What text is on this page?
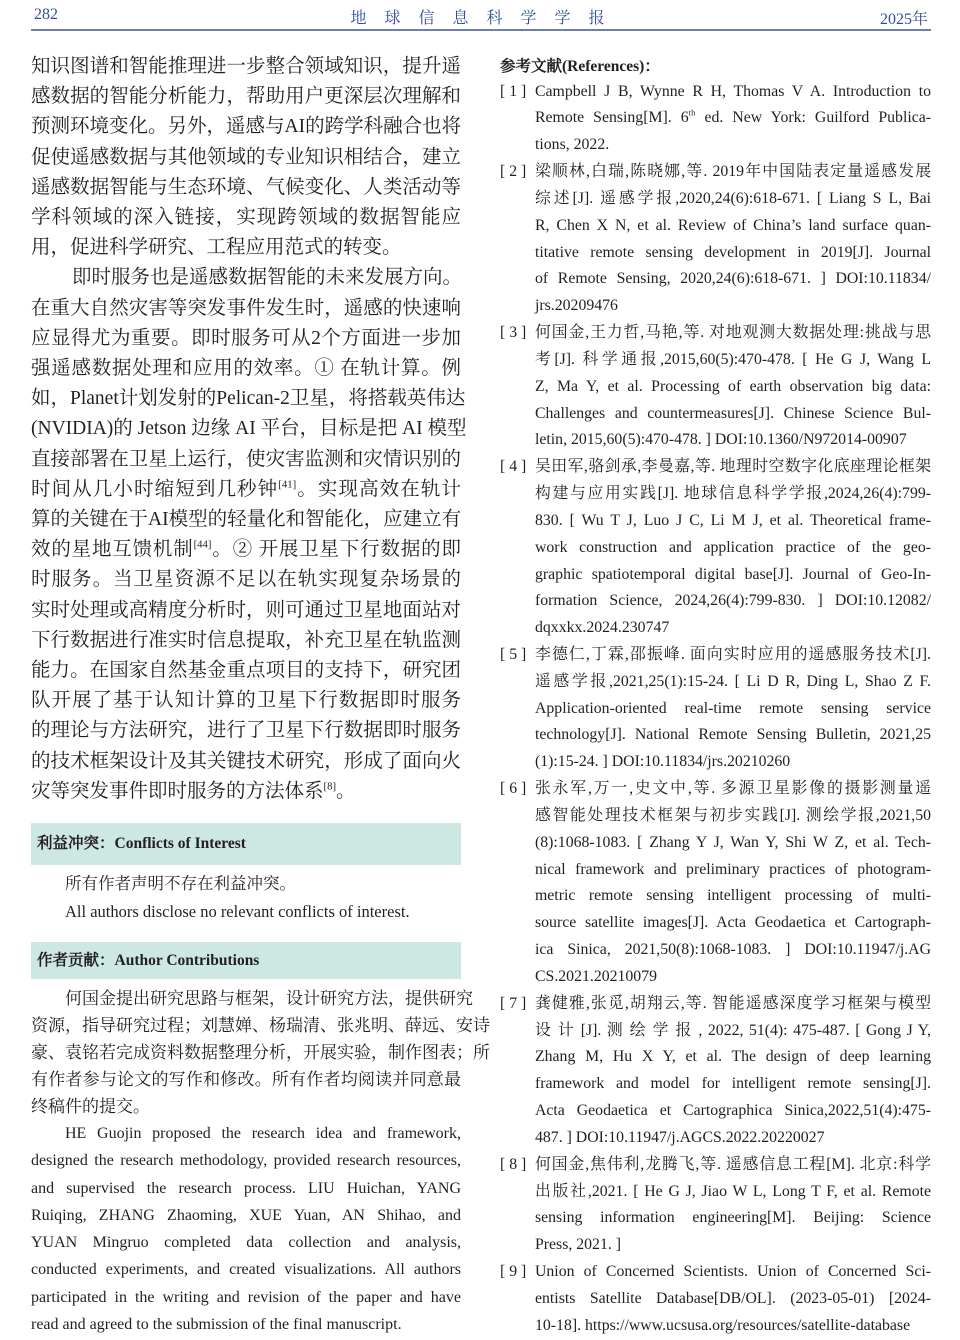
282	地 球 信 息 科 学 学 报	2025年
知识图谱和智能推理进一步整合领域知识，提升遥
感数据的智能分析能力，帮助用户更深层次理解和
预测环境变化。另外，遥感与AI的跨学科融合也将
促使遥感数据与其他领域的专业知识相结合，建立
遥感数据智能与生态环境、气候变化、人类活动等
学科领域的深入链接，实现跨领域的数据智能应
用，促进科学研究、工程应用范式的转变。
即时服务也是遥感数据智能的未来发展方向。
在重大自然灾害等突发事件发生时，遥感的快速响
应显得尤为重要。即时服务可从2个方面进一步加
强遥感数据处理和应用的效率。① 在轨计算。例
如，Planet计划发射的Pelican-2卫星，将搭载英伟达
(NVIDIA)的 Jetson 边缘 AI 平台，目标是把 AI 模型
直接部署在卫星上运行，使灾害监测和灾情识别的
时间从几小时缩短到几秒钟[41]。实现高效在轨计
算的关键在于AI模型的轻量化和智能化，应建立有
效的星地互馈机制[44]。② 开展卫星下行数据的即
时服务。当卫星资源不足以在轨实现复杂场景的
实时处理或高精度分析时，则可通过卫星地面站对
下行数据进行准实时信息提取，补充卫星在轨监测
能力。在国家自然基金重点项目的支持下，研究团
队开展了基于认知计算的卫星下行数据即时服务
的理论与方法研究，进行了卫星下行数据即时服务
的技术框架设计及其关键技术研究，形成了面向火
灾等突发事件即时服务的方法体系[8]。
利益冲突：Conflicts of Interest
所有作者声明不存在利益冲突。
All authors disclose no relevant conflicts of interest.
作者贡献：Author Contributions
何国金提出研究思路与框架，设计研究方法，提供研究
资源，指导研究过程；刘慧婵、杨瑞清、张兆明、薛远、安诗
豪、袁铭若完成资料数据整理分析，开展实验，制作图表；所
有作者参与论文的写作和修改。所有作者均阅读并同意最
终稿件的提交。
HE Guojin proposed the research idea and framework,
designed the research methodology, provided research resources,
and supervised the research process. LIU Huichan, YANG
Ruiqing, ZHANG Zhaoming, XUE Yuan, AN Shihao, and
YUAN Mingruo completed data collection and analysis,
conducted experiments, and created visualizations. All authors
participated in the writing and revision of the paper and have
read and agreed to the submission of the final manuscript.
参考文献(References)：
[ 1 ] Campbell J B, Wynne R H, Thomas V A. Introduction to
Remote Sensing[M]. 6th ed. New York: Guilford Publica-
tions, 2022.
[ 2 ] 梁顺林,白瑞,陈晓娜,等. 2019年中国陆表定量遥感发展
综述[J]. 遥感学报,2020,24(6):618-671. [ Liang S L, Bai
R, Chen X N, et al. Review of China’s land surface quan-
titative remote sensing development in 2019[J]. Journal
of Remote Sensing, 2020,24(6):618-671. ] DOI:10.11834/
jrs.20209476
[ 3 ] 何国金,王力哲,马艳,等. 对地观测大数据处理:挑战与思
考[J]. 科学通报,2015,60(5):470-478. [ He G J, Wang L
Z, Ma Y, et al. Processing of earth observation big data:
Challenges and countermeasures[J]. Chinese Science Bul-
letin, 2015,60(5):470-478. ] DOI:10.1360/N972014-00907
[ 4 ] 吴田军,骆剑承,李曼嘉,等. 地理时空数字化底座理论框架
构建与应用实践[J]. 地球信息科学学报,2024,26(4):799-
830. [ Wu T J, Luo J C, Li M J, et al. Theoretical frame-
work construction and application practice of the geo-
graphic spatiotemporal digital base[J]. Journal of Geo-In-
formation Science, 2024,26(4):799-830. ] DOI:10.12082/
dqxxkx.2024.230747
[ 5 ] 李德仁,丁霖,邵振峰. 面向实时应用的遥感服务技术[J].
遥感学报,2021,25(1):15-24. [ Li D R, Ding L, Shao Z F.
Application-oriented real-time remote sensing service
technology[J]. National Remote Sensing Bulletin, 2021,25
(1):15-24. ] DOI:10.11834/jrs.20210260
[ 6 ] 张永军,万一,史文中,等. 多源卫星影像的摄影测量遥
感智能处理技术框架与初步实践[J]. 测绘学报,2021,50
(8):1068-1083. [ Zhang Y J, Wan Y, Shi W Z, et al. Tech-
nical framework and preliminary practices of photogram-
metric remote sensing intelligent processing of multi-
source satellite images[J]. Acta Geodaetica et Cartograph-
ica Sinica, 2021,50(8):1068-1083. ] DOI:10.11947/j.AG
CS.2021.20210079
[ 7 ] 龚健雅,张觅,胡翔云,等. 智能遥感深度学习框架与模型
设 计 [J]. 测 绘 学 报 , 2022, 51(4): 475-487. [ Gong J Y,
Zhang M, Hu X Y, et al. The design of deep learning
framework and model for intelligent remote sensing[J].
Acta Geodaetica et Cartographica Sinica,2022,51(4):475-
487. ] DOI:10.11947/j.AGCS.2022.20220027
[ 8 ] 何国金,焦伟利,龙腾飞,等. 遥感信息工程[M]. 北京:科学
出版社,2021. [ He G J, Jiao W L, Long T F, et al. Remote
sensing information engineering[M]. Beijing: Science
Press, 2021. ]
[ 9 ] Union of Concerned Scientists. Union of Concerned Sci-
entists Satellite Database[DB/OL]. (2023-05-01) [2024-
10-18]. https://www.ucsusa.org/resources/satellite-database
